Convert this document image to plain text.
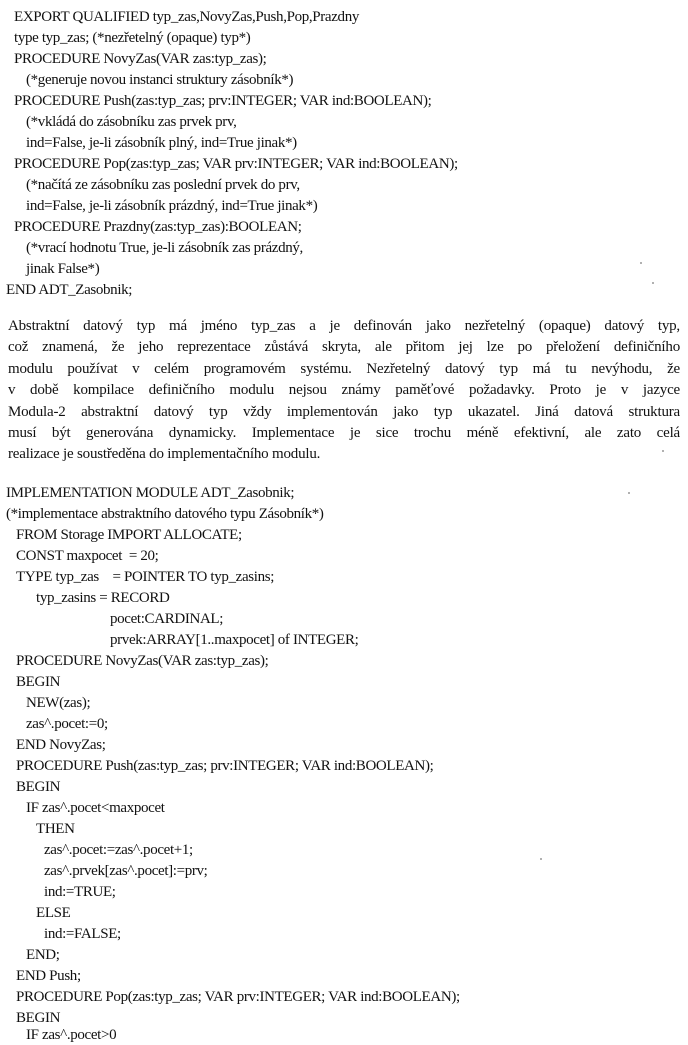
EXPORT QUALIFIED typ_zas,NovyZas,Push,Pop,Prazdny
type typ_zas; (*nezřetelný (opaque) typ*)
PROCEDURE NovyZas(VAR zas:typ_zas);
(*generuje novou instanci struktury zásobník*)
PROCEDURE Push(zas:typ_zas; prv:INTEGER; VAR ind:BOOLEAN);
(*vkládá do zásobníku zas prvek prv,
ind=False, je-li zásobník plný, ind=True jinak*)
PROCEDURE Pop(zas:typ_zas; VAR prv:INTEGER; VAR ind:BOOLEAN);
(*načítá ze zásobníku zas poslední prvek do prv,
ind=False, je-li zásobník prázdný, ind=True jinak*)
PROCEDURE Prazdny(zas:typ_zas):BOOLEAN;
(*vrací hodnotu True, je-li zásobník zas prázdný,
jinak False*)
END ADT_Zasobnik;
Abstraktní datový typ má jméno typ_zas a je definován jako nezřetelný (opaque) datový typ,
což znamená, že jeho reprezentace zůstává skryta, ale přitom jej lze po přeložení definičního
modulu používat v celém programovém systému. Nezřetelný datový typ má tu nevýhodu, že
v době kompilace definičního modulu nejsou známy paměťové požadavky. Proto je v jazyce
Modula-2 abstraktní datový typ vždy implementován jako typ ukazatel. Jiná datová struktura
musí být generována dynamicky. Implementace je sice trochu méně efektivní, ale zato celá
realizace je soustředěna do implementačního modulu.
IMPLEMENTATION MODULE ADT_Zasobnik;
(*implementace abstraktního datového typu Zásobník*)
FROM Storage IMPORT ALLOCATE;
CONST maxpocet  = 20;
TYPE typ_zas    = POINTER TO typ_zasins;
typ_zasins = RECORD
pocet:CARDINAL;
prvek:ARRAY[1..maxpocet] of INTEGER;
PROCEDURE NovyZas(VAR zas:typ_zas);
BEGIN
NEW(zas);
zas^.pocet:=0;
END NovyZas;
PROCEDURE Push(zas:typ_zas; prv:INTEGER; VAR ind:BOOLEAN);
BEGIN
IF zas^.pocet<maxpocet
THEN
zas^.pocet:=zas^.pocet+1;
zas^.prvek[zas^.pocet]:=prv;
ind:=TRUE;
ELSE
ind:=FALSE;
END;
END Push;
PROCEDURE Pop(zas:typ_zas; VAR prv:INTEGER; VAR ind:BOOLEAN);
BEGIN
IF zas^.pocet>0
